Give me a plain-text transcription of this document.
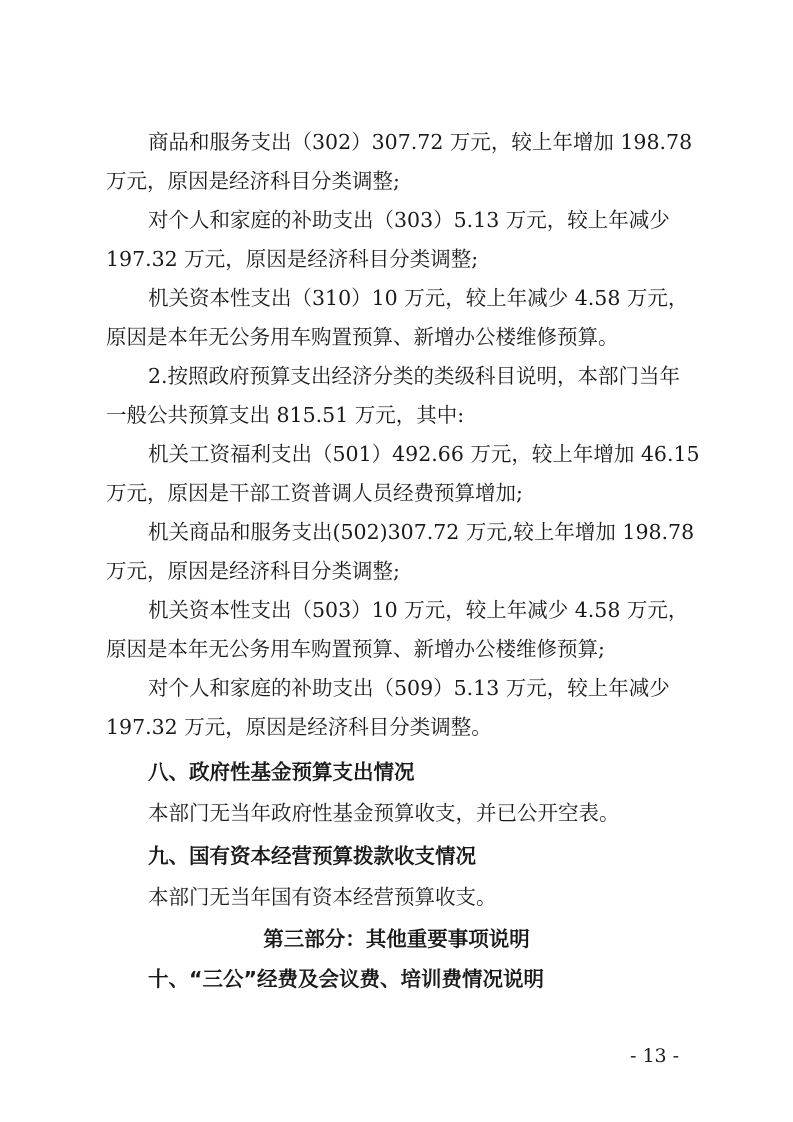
商品和服务支出（302）307.72 万元，较上年增加 198.78
万元，原因是经济科目分类调整;
对个人和家庭的补助支出（303）5.13 万元，较上年减少
197.32 万元，原因是经济科目分类调整;
机关资本性支出（310）10 万元，较上年减少 4.58 万元，
原因是本年无公务用车购置预算、新增办公楼维修预算。
2.按照政府预算支出经济分类的类级科目说明，本部门当年
一般公共预算支出 815.51 万元，其中:
机关工资福利支出（501）492.66 万元，较上年增加 46.15
万元，原因是干部工资普调人员经费预算增加;
机关商品和服务支出(502)307.72 万元,较上年增加 198.78
万元，原因是经济科目分类调整;
机关资本性支出（503）10 万元，较上年减少 4.58 万元，
原因是本年无公务用车购置预算、新增办公楼维修预算;
对个人和家庭的补助支出（509）5.13 万元，较上年减少
197.32 万元，原因是经济科目分类调整。
八、政府性基金预算支出情况
本部门无当年政府性基金预算收支，并已公开空表。
九、国有资本经营预算拨款收支情况
本部门无当年国有资本经营预算收支。
第三部分：其他重要事项说明
十、“三公”经费及会议费、培训费情况说明
- 13 -
